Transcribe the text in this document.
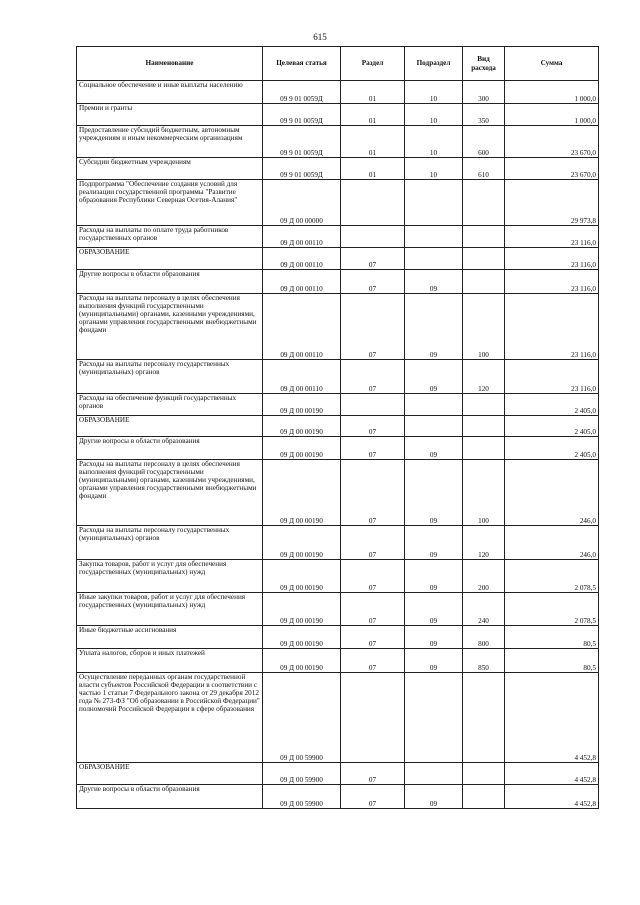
615
Наименование	Целевая статья	Раздел	Подраздел	Вид расхода	Сумма
Социальное обеспечение и иные выплаты населению	09 9 01 0059Д	01	10	300	1 000,0
Премии и гранты	09 9 01 0059Д	01	10	350	1 000,0
Предоставление субсидий бюджетным, автономным учреждениям и иным некоммерческим организациям	09 9 01 0059Д	01	10	600	23 670,0
Субсидии бюджетным учреждениям	09 9 01 0059Д	01	10	610	23 670,0
Подпрограмма "Обеспечение создания условий для реализации государственной программы "Развитие образования Республики Северная Осетия-Алания"	09 Д 00 00000				29 973,8
Расходы на выплаты по оплате труда работников государственных органов	09 Д 00 00110				23 116,0
ОБРАЗОВАНИЕ	09 Д 00 00110	07			23 116,0
Другие вопросы в области образования	09 Д 00 00110	07	09		23 116,0
Расходы на выплаты персоналу в целях обеспечения выполнения функций государственными (муниципальными) органами, казенными учреждениями, органами управления государственными внебюджетными фондами	09 Д 00 00110	07	09	100	23 116,0
Расходы на выплаты персоналу государственных (муниципальных) органов	09 Д 00 00110	07	09	120	23 116,0
Расходы на обеспечение функций государственных органов	09 Д 00 00190				2 405,0
ОБРАЗОВАНИЕ	09 Д 00 00190	07			2 405,0
Другие вопросы в области образования	09 Д 00 00190	07	09		2 405,0
Расходы на выплаты персоналу в целях обеспечения выполнения функций государственными (муниципальными) органами, казенными учреждениями, органами управления государственными внебюджетными фондами	09 Д 00 00190	07	09	100	246,0
Расходы на выплаты персоналу государственных (муниципальных) органов	09 Д 00 00190	07	09	120	246,0
Закупка товаров, работ и услуг для обеспечения государственных (муниципальных) нужд	09 Д 00 00190	07	09	200	2 078,5
Иные закупки товаров, работ и услуг для обеспечения государственных (муниципальных) нужд	09 Д 00 00190	07	09	240	2 078,5
Иные бюджетные ассигнования	09 Д 00 00190	07	09	800	80,5
Уплата налогов, сборов и иных платежей	09 Д 00 00190	07	09	850	80,5
Осуществление переданных органам государственной власти субъектов Российской Федерации в соответствии с частью 1 статьи 7 Федерального закона от 29 декабря 2012 года № 273-ФЗ "Об образовании в Российской Федерации" полномочий Российской Федерации в сфере образования	09 Д 00 59900				4 452,8
ОБРАЗОВАНИЕ	09 Д 00 59900	07			4 452,8
Другие вопросы в области образования	09 Д 00 59900	07	09		4 452,8
